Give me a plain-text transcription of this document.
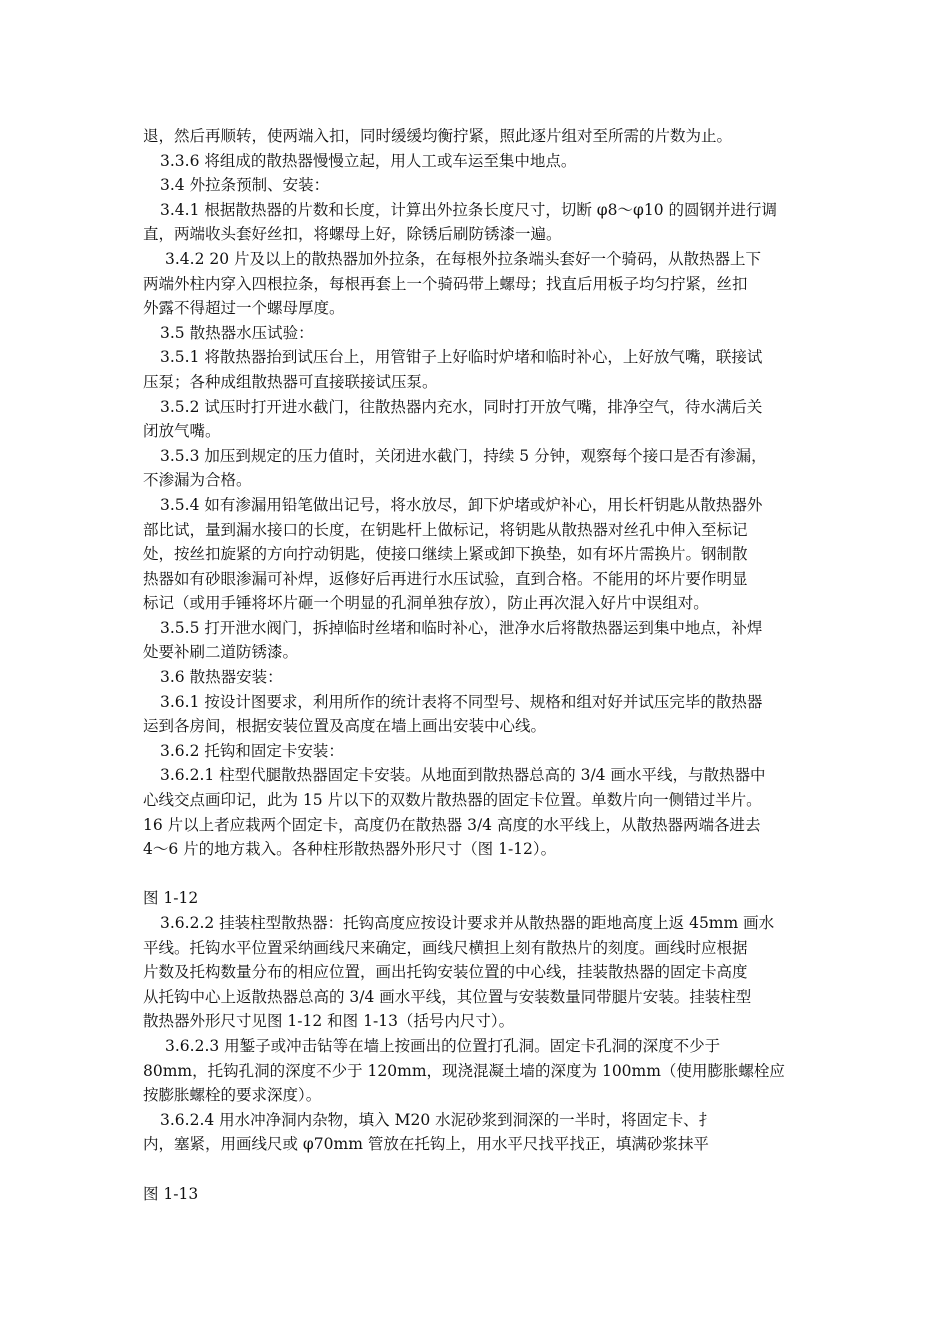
退，然后再顺转，使两端入扣，同时缓缓均衡拧紧，照此逐片组对至所需的片数为止。
3.3.6 将组成的散热器慢慢立起，用人工或车运至集中地点。
3.4 外拉条预制、安装：
3.4.1 根据散热器的片数和长度，计算出外拉条长度尺寸，切断 φ8～φ10 的圆钢并进行调
直，两端收头套好丝扣，将螺母上好，除锈后刷防锈漆一遍。
3.4.2 20 片及以上的散热器加外拉条，在每根外拉条端头套好一个骑码，从散热器上下
两端外柱内穿入四根拉条，每根再套上一个骑码带上螺母；找直后用板子均匀拧紧，丝扣
外露不得超过一个螺母厚度。
3.5 散热器水压试验：
3.5.1 将散热器抬到试压台上，用管钳子上好临时炉堵和临时补心，上好放气嘴，联接试
压泵；各种成组散热器可直接联接试压泵。
3.5.2 试压时打开进水截门，往散热器内充水，同时打开放气嘴，排净空气，待水满后关
闭放气嘴。
3.5.3 加压到规定的压力值时，关闭进水截门，持续 5 分钟，观察每个接口是否有渗漏，
不渗漏为合格。
3.5.4 如有渗漏用铅笔做出记号，将水放尽，卸下炉堵或炉补心，用长杆钥匙从散热器外
部比试，量到漏水接口的长度，在钥匙杆上做标记，将钥匙从散热器对丝孔中伸入至标记
处，按丝扣旋紧的方向拧动钥匙，使接口继续上紧或卸下换垫，如有坏片需换片。钢制散
热器如有砂眼渗漏可补焊，返修好后再进行水压试验，直到合格。不能用的坏片要作明显
标记（或用手锤将坏片砸一个明显的孔洞单独存放），防止再次混入好片中误组对。
3.5.5 打开泄水阀门，拆掉临时丝堵和临时补心，泄净水后将散热器运到集中地点，补焊
处要补刷二道防锈漆。
3.6 散热器安装：
3.6.1 按设计图要求，利用所作的统计表将不同型号、规格和组对好并试压完毕的散热器
运到各房间，根据安装位置及高度在墙上画出安装中心线。
3.6.2 托钩和固定卡安装：
3.6.2.1 柱型代腿散热器固定卡安装。从地面到散热器总高的 3/4 画水平线，与散热器中
心线交点画印记，此为 15 片以下的双数片散热器的固定卡位置。单数片向一侧错过半片。
16 片以上者应栽两个固定卡，高度仍在散热器 3/4 高度的水平线上，从散热器两端各进去
4～6 片的地方栽入。各种柱形散热器外形尺寸（图 1-12）。
图 1-12
3.6.2.2 挂装柱型散热器：托钩高度应按设计要求并从散热器的距地高度上返 45mm 画水
平线。托钩水平位置采纳画线尺来确定，画线尺横担上刻有散热片的刻度。画线时应根据
片数及托构数量分布的相应位置，画出托钩安装位置的中心线，挂装散热器的固定卡高度
从托钩中心上返散热器总高的 3/4 画水平线，其位置与安装数量同带腿片安装。挂装柱型
散热器外形尺寸见图 1-12 和图 1-13（括号内尺寸）。
3.6.2.3 用錾子或冲击钻等在墙上按画出的位置打孔洞。固定卡孔洞的深度不少于
80mm，托钩孔洞的深度不少于 120mm，现浇混凝土墙的深度为 100mm（使用膨胀螺栓应
按膨胀螺栓的要求深度）。
3.6.2.4 用水冲净洞内杂物，填入 M20 水泥砂浆到洞深的一半时，将固定卡、扌
内，塞紧，用画线尺或 φ70mm 管放在托钩上，用水平尺找平找正，填满砂浆抹平
图 1-13
